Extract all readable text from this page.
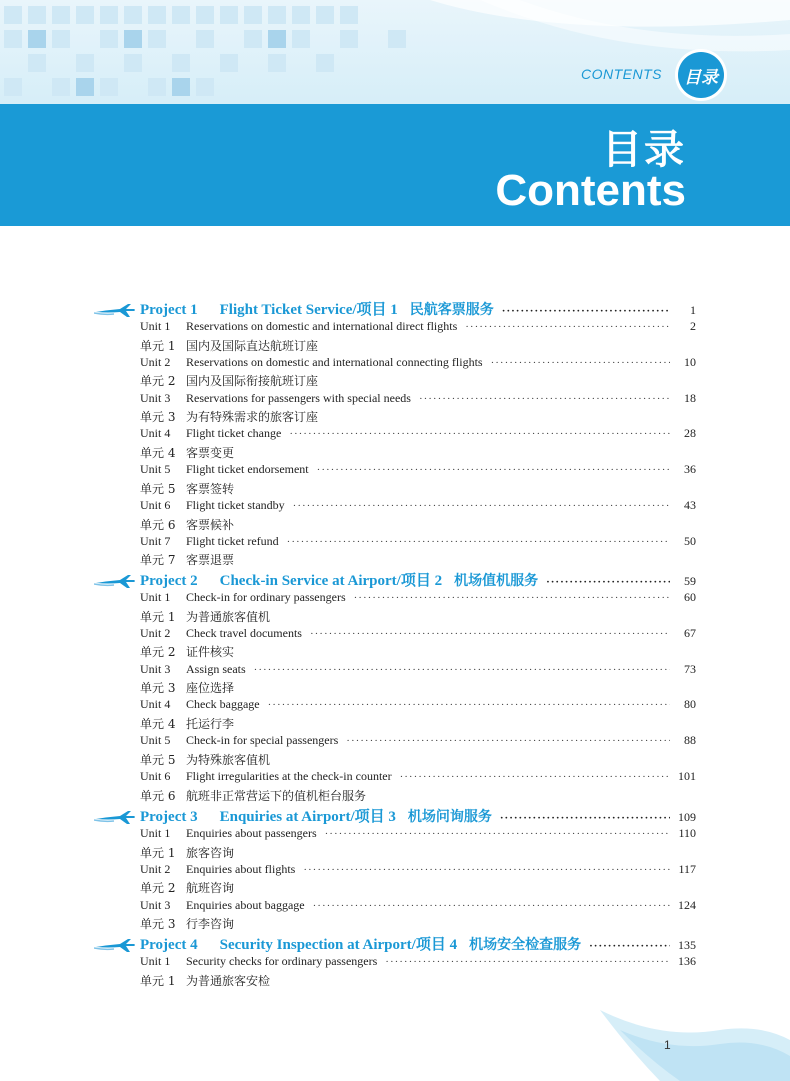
CONTENTS	目录
目录
Contents
1
Project 1 Flight Ticket Service/项目 1 民航客票服务 ·····	1
Unit 1	Reservations on domestic and international direct flights ·····	2
单元 1 国内及国际直达航班订座
Unit 2	Reservations on domestic and international connecting flights ·····	10
单元 2 国内及国际衔接航班订座
Unit 3	Reservations for passengers with special needs ·····	18
单元 3 为有特殊需求的旅客订座
Unit 4	Flight ticket change ·····	28
单元 4 客票变更
Unit 5	Flight ticket endorsement ·····	36
单元 5 客票签转
Unit 6	Flight ticket standby ·····	43
单元 6 客票候补
Unit 7	Flight ticket refund ·····	50
单元 7 客票退票
Project 2 Check-in Service at Airport/项目 2 机场值机服务 ·····	59
Unit 1	Check-in for ordinary passengers ·····	60
单元 1 为普通旅客值机
Unit 2	Check travel documents ·····	67
单元 2 证件核实
Unit 3	Assign seats ·····	73
单元 3 座位选择
Unit 4	Check baggage ·····	80
单元 4 托运行李
Unit 5	Check-in for special passengers ·····	88
单元 5 为特殊旅客值机
Unit 6	Flight irregularities at the check-in counter ·····	101
单元 6 航班非正常营运下的值机柜台服务
Project 3 Enquiries at Airport/项目 3 机场问询服务 ·····	109
Unit 1	Enquiries about passengers ·····	110
单元 1 旅客咨询
Unit 2	Enquiries about flights ·····	117
单元 2 航班咨询
Unit 3	Enquiries about baggage ·····	124
单元 3 行李咨询
Project 4 Security Inspection at Airport/项目 4 机场安全检查服务 ·····	135
Unit 1	Security checks for ordinary passengers ·····	136
单元 1 为普通旅客安检
